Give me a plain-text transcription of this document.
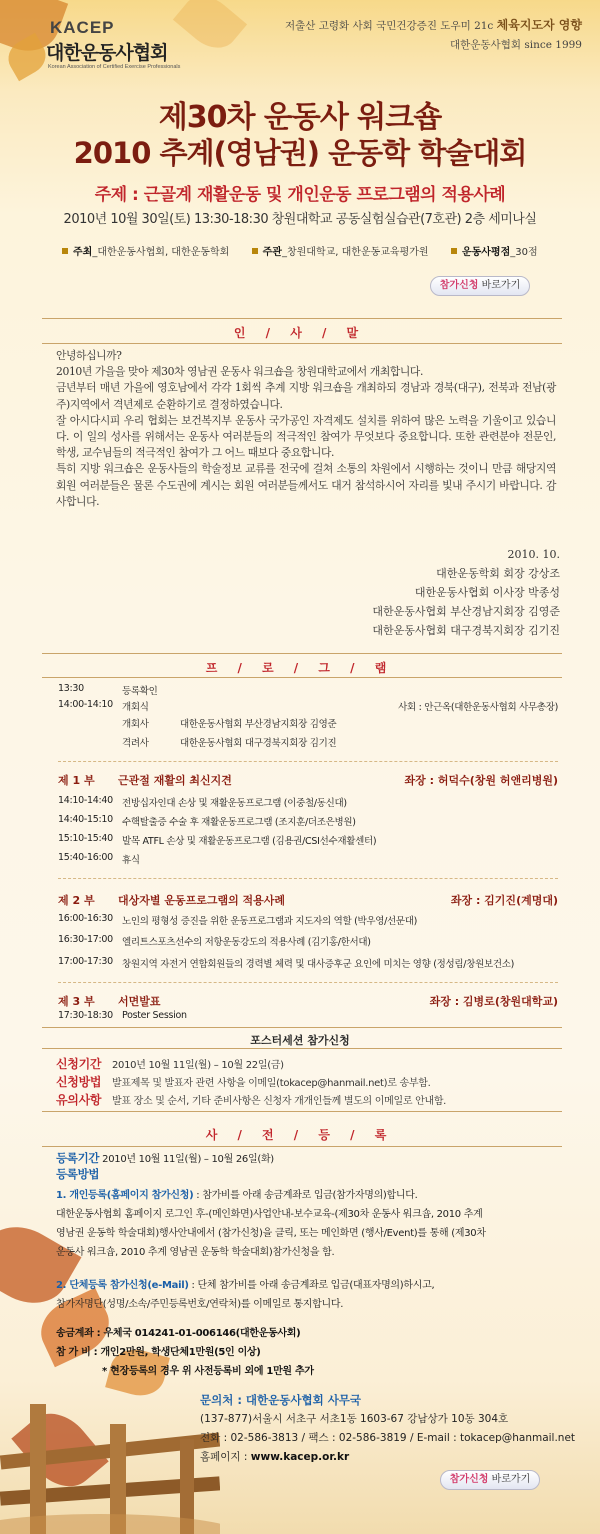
KACEP
대한운동사협회
Korean Association of Certified Exercise Professionals
저출산 고령화 사회 국민건강증진 도우미 21c 체육지도자 영향
대한운동사협회 since 1999
제30차 운동사 워크숍
2010 추계(영남권) 운동학 학술대회
주제 : 근골계 재활운동 및 개인운동 프로그램의 적용사례
2010년 10월 30일(토) 13:30-18:30 창원대학교 공동실험실습관(7호관) 2층 세미나실
주최_대한운동사협회, 대한운동학회	주관_창원대학교, 대한운동교육평가원	운동사평점_30점
참가신청 바로가기
인 / 사 / 말

안녕하십니까?

2010년 가을을 맞아 제30차 영남권 운동사 워크숍을 창원대학교에서 개최합니다.

금년부터 매년 가을에 영호남에서 각각 1회씩 추계 지방 워크숍을 개최하되 경남과 경북(대구), 전북과 전남(광주)지역에서 격년제로 순환하기로 결정하였습니다.

잘 아시다시피 우리 협회는 보건복지부 운동사 국가공인 자격제도 설치를 위하여 많은 노력을 기울이고 있습니다. 이 일의 성사를 위해서는 운동사 여러분들의 적극적인 참여가 무엇보다 중요합니다. 또한 관련분야 전문인, 학생, 교수님들의 적극적인 참여가 그 어느 때보다 중요합니다.

특히 지방 워크숍은 운동사들의 학술정보 교류를 전국에 걸쳐 소통의 차원에서 시행하는 것이니 만큼 해당지역 회원 여러분들은 물론 수도권에 계시는 회원 여러분들께서도 대거 참석하시어 자리를 빛내 주시기 바랍니다. 감사합니다.

2010. 10.
대한운동학회 회장 강상조
대한운동사협회 이사장 박종성
대한운동사협회 부산경남지회장 김영준
대한운동사협회 대구경북지회장 김기진
프 / 로 / 그 / 램
13:30	등록확인
14:00-14:10 개회식	사회 : 안근옥(대한운동사협회 사무총장)
개회사	대한운동사협회 부산경남지회장 김영준
격려사	대한운동사협회 대구경북지회장 김기진
제 1 부 근관절 재활의 최신지견	좌장 : 허덕수(창원 허앤리병원)
14:10-14:40 전방십자인대 손상 및 재활운동프로그램 (이중철/동신대)
14:40-15:10 수핵탈출증 수술 후 재활운동프로그램 (조지훈/더조은병원)
15:10-15:40 발목 ATFL 손상 및 재활운동프로그램 (김용권/CSI선수재활센터)
15:40-16:00 휴식
제 2 부 대상자별 운동프로그램의 적용사례	좌장 : 김기진(계명대)
16:00-16:30 노인의 평형성 증진을 위한 운동프로그램과 지도자의 역할 (박우영/선문대)
16:30-17:00 엘리트스포츠선수의 저항운동강도의 적용사례 (김기홍/한서대)
17:00-17:30 창원지역 자전거 연합회원들의 경력별 체력 및 대사증후군 요인에 미치는 영향 (정성림/창원보건소)
제 3 부 서면발표	좌장 : 김병로(창원대학교)
17:30-18:30 Poster Session
포스터세션 참가신청
신청기간 2010년 10월 11일(월) – 10월 22일(금)
신청방법 발표제목 및 발표자 관련 사항을 이메일(tokacep@hanmail.net)로 송부함.
유의사항 발표 장소 및 순서, 기타 준비사항은 신청자 개개인들께 별도의 이메일로 안내함.
사 / 전 / 등 / 록
등록기간 2010년 10월 11일(월) – 10월 26일(화)
등록방법
1. 개인등록(홈페이지 참가신청) : 참가비를 아래 송금계좌로 입금(참가자명의)합니다.
대한운동사협회 홈페이지 로그인 후-(메인화면)사업안내-보수교육-(제30차 운동사 워크숍, 2010 추계
영남권 운동학 학술대회)행사안내에서 (참가신청)을 클릭, 또는 메인화면 (행사/Event)를 통해 (제30차
운동사 워크숍, 2010 추계 영남권 운동학 학술대회)참가신청을 함.
2. 단체등록 참가신청(e-Mail) : 단체 참가비를 아래 송금계좌로 입금(대표자명의)하시고,
참가자명단(성명/소속/주민등록번호/연락처)를 이메일로 통지합니다.
송금계좌 : 우체국 014241-01-006146(대한운동사회)
참 가 비 : 개인2만원, 학생단체1만원(5인 이상)
* 현장등록의 경우 위 사전등록비 외에 1만원 추가
문의처 : 대한운동사협회 사무국
(137-877)서울시 서초구 서초1동 1603-67 강남상가 10동 304호
전화 : 02-586-3813 / 팩스 : 02-586-3819 / E-mail : tokacep@hanmail.net
홈페이지 : www.kacep.or.kr
참가신청 바로가기
